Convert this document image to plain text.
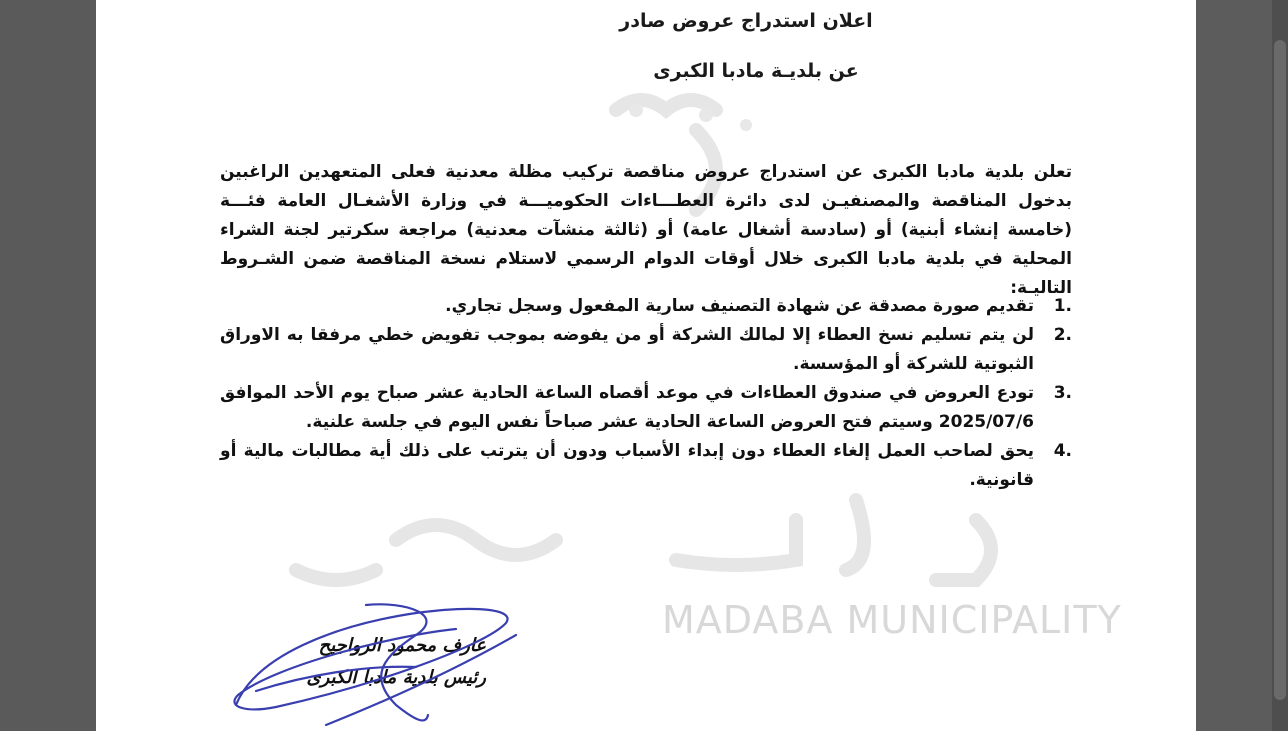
MADABA MUNICIPALITY
اعلان استدراج عروض صادر
عن بلديـة مادبا الكبرى
تعلن بلدية مادبا الكبرى عن استدراج عروض مناقصة تركيب مظلة معدنية فعلى المتعهدين الراغبين بدخول المناقصة والمصنفيـن لدى دائرة العطـــاءات الحكوميـــة في وزارة الأشغـال العامة فئـــة (خامسة إنشاء أبنية) أو (سادسة أشغال عامة) أو (ثالثة منشآت معدنية) مراجعة سكرتير لجنة الشراء المحلية في بلدية مادبا الكبرى خلال أوقات الدوام الرسمي لاستلام نسخة المناقصة ضمن الشـروط التاليـة:
1.
تقديم صورة مصدقة عن شهادة التصنيف سارية المفعول وسجل تجاري.
2.
لن يتم تسليم نسخ العطاء إلا لمالك الشركة أو من يفوضه بموجب تفويض خطي مرفقا به الاوراق الثبوتية للشركة أو المؤسسة.
3.
تودع العروض في صندوق العطاءات في موعد أقصاه الساعة الحادية عشر صباح يوم الأحد الموافق 2025/07/6 وسيتم فتح العروض الساعة الحادية عشر صباحاً نفس اليوم في جلسة علنية.
4.
يحق لصاحب العمل إلغاء العطاء دون إبداء الأسباب ودون أن يترتب على ذلك أية مطالبات مالية أو قانونية.
عارف محمود الرواجيح
رئيس بلدية مادبا الكبرى
